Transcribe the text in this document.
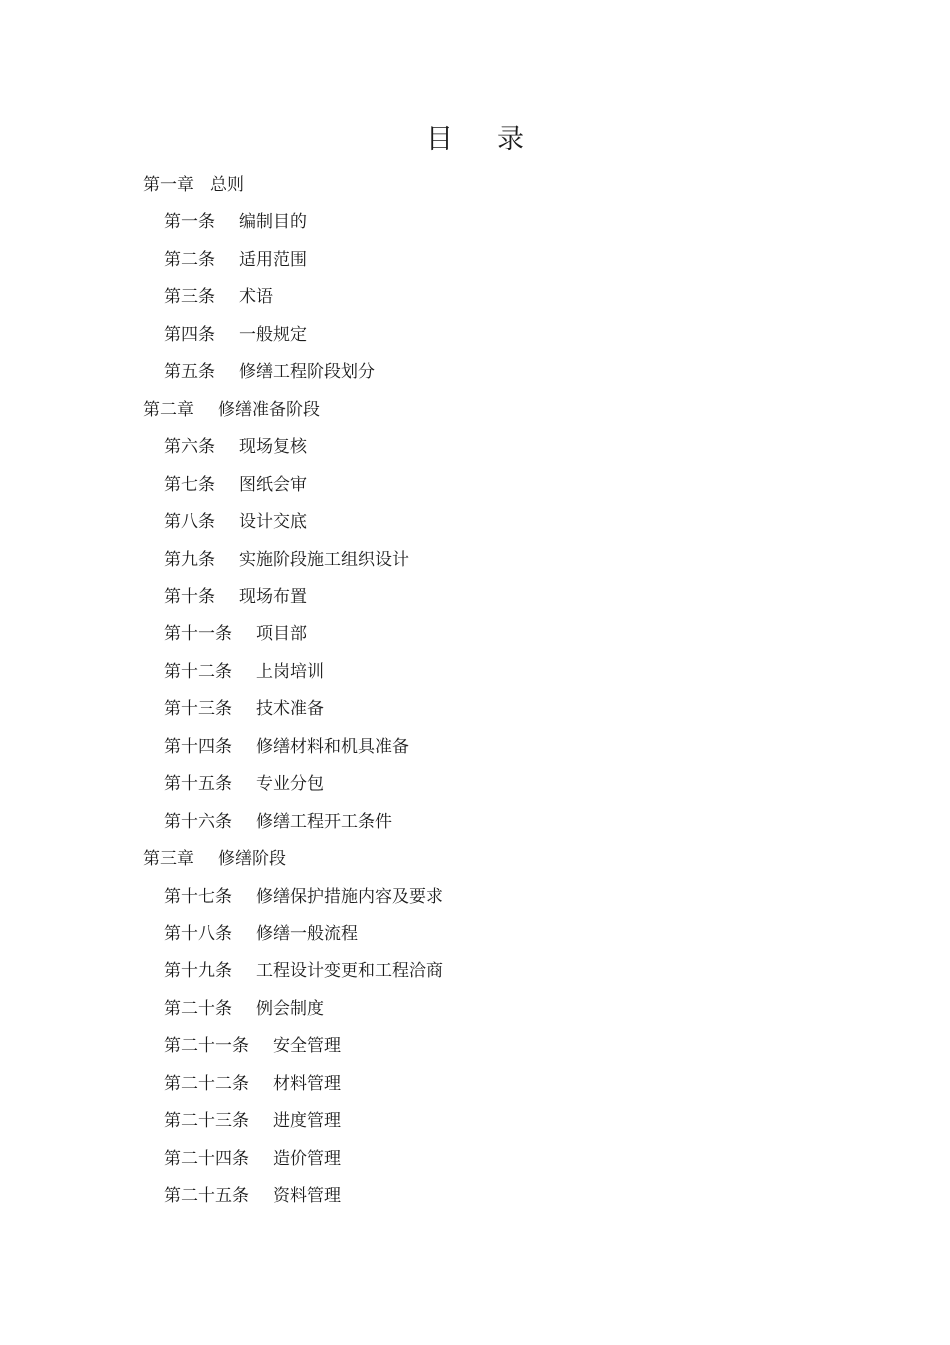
目 录
第一章 总则
第一条 编制目的
第二条 适用范围
第三条 术语
第四条 一般规定
第五条 修缮工程阶段划分
第二章 修缮准备阶段
第六条 现场复核
第七条 图纸会审
第八条 设计交底
第九条 实施阶段施工组织设计
第十条 现场布置
第十一条 项目部
第十二条 上岗培训
第十三条 技术准备
第十四条 修缮材料和机具准备
第十五条 专业分包
第十六条 修缮工程开工条件
第三章 修缮阶段
第十七条 修缮保护措施内容及要求
第十八条 修缮一般流程
第十九条 工程设计变更和工程洽商
第二十条 例会制度
第二十一条 安全管理
第二十二条 材料管理
第二十三条 进度管理
第二十四条 造价管理
第二十五条 资料管理
